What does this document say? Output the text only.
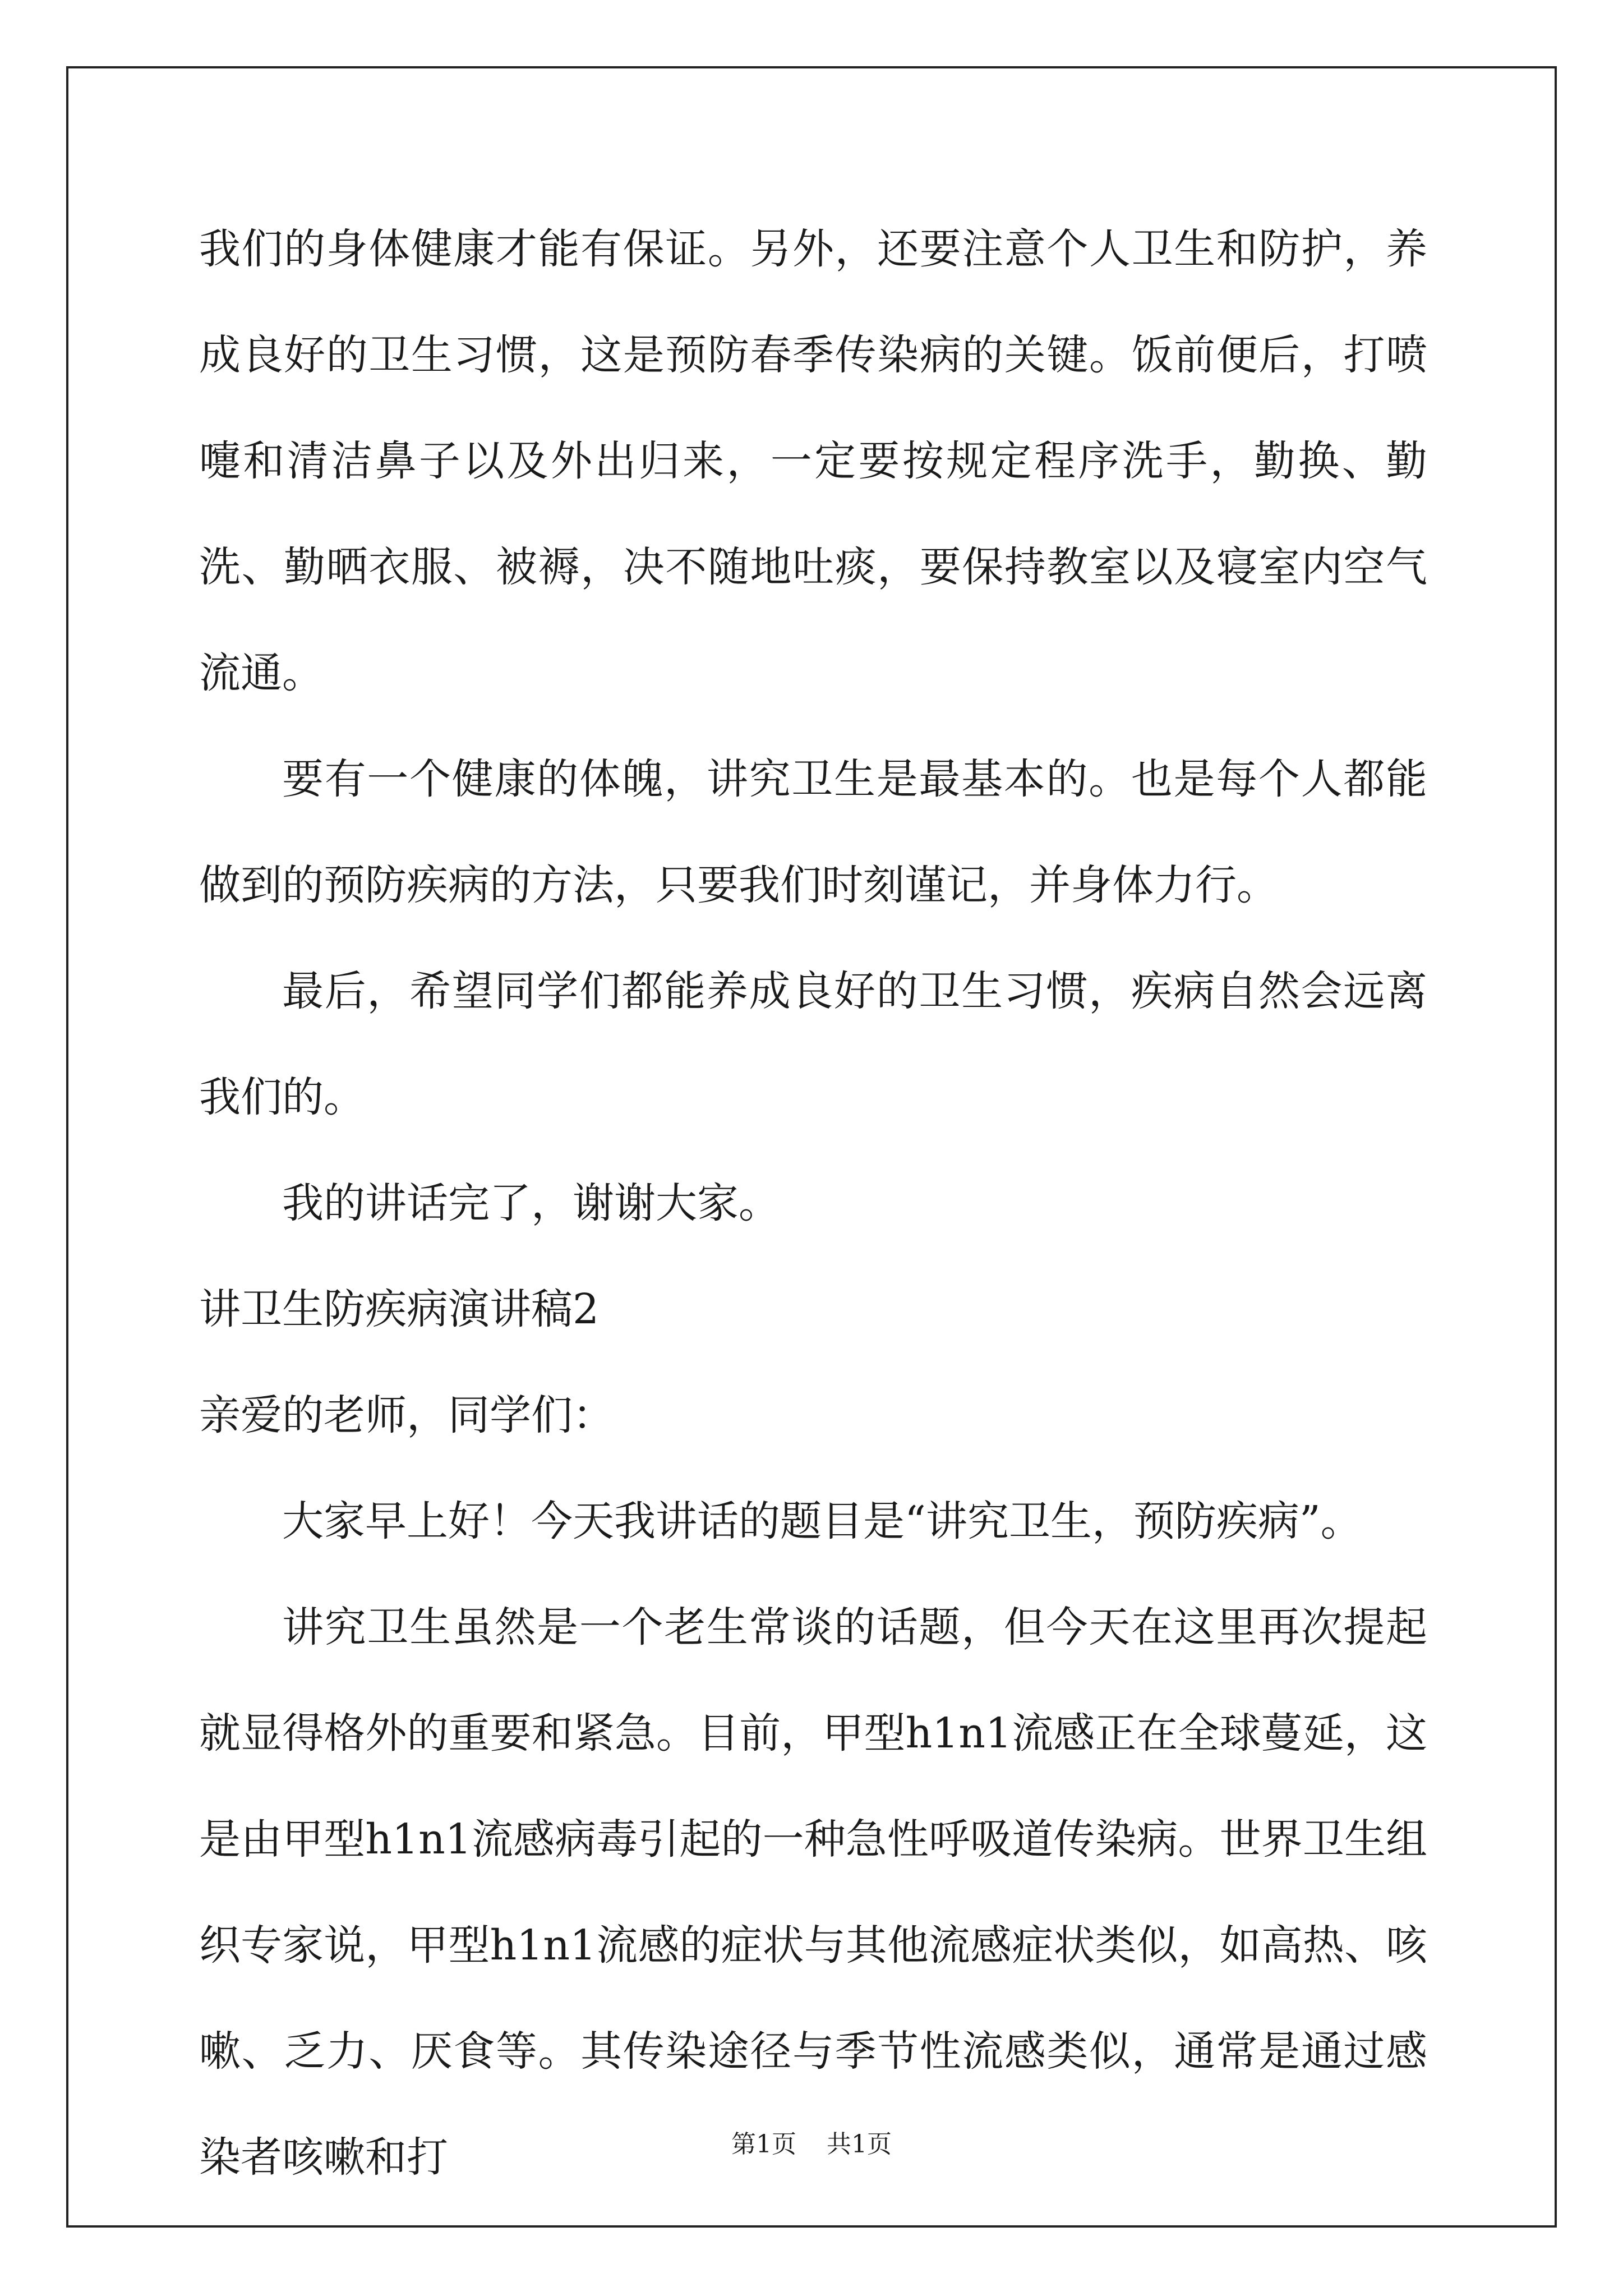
我们的身体健康才能有保证。另外，还要注意个人卫生和防护，养成良好的卫生习惯，这是预防春季传染病的关键。饭前便后，打喷嚏和清洁鼻子以及外出归来，一定要按规定程序洗手，勤换、勤洗、勤晒衣服、被褥，决不随地吐痰，要保持教室以及寝室内空气流通。

要有一个健康的体魄，讲究卫生是最基本的。也是每个人都能做到的预防疾病的方法，只要我们时刻谨记，并身体力行。

最后，希望同学们都能养成良好的卫生习惯，疾病自然会远离我们的。

我的讲话完了，谢谢大家。

讲卫生防疾病演讲稿2

亲爱的老师，同学们：

大家早上好！今天我讲话的题目是“讲究卫生，预防疾病”。

讲究卫生虽然是一个老生常谈的话题，但今天在这里再次提起就显得格外的重要和紧急。目前，甲型h1n1流感正在全球蔓延，这是由甲型h1n1流感病毒引起的一种急性呼吸道传染病。世界卫生组织专家说，甲型h1n1流感的症状与其他流感症状类似，如高热、咳嗽、乏力、厌食等。其传染途径与季节性流感类似，通常是通过感染者咳嗽和打	第1页 共1页
